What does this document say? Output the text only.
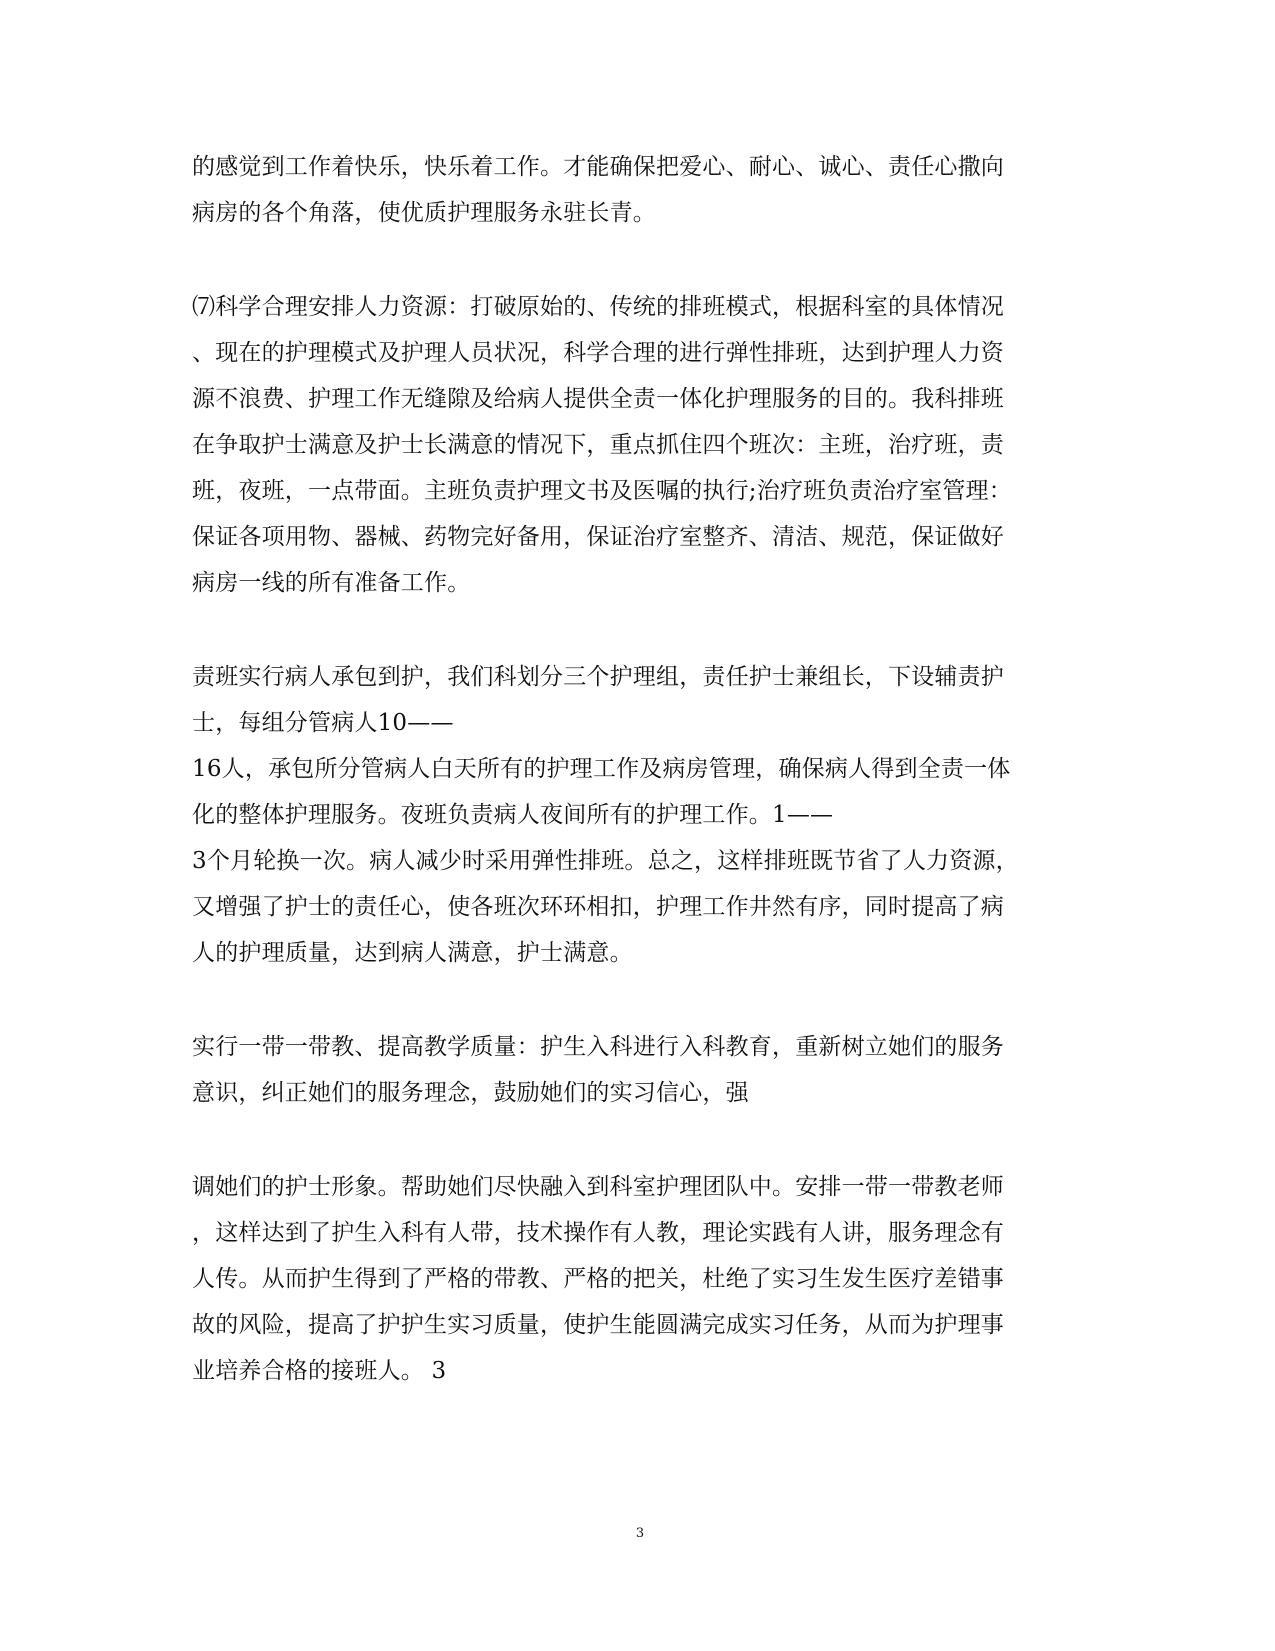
的感觉到工作着快乐，快乐着工作。才能确保把爱心、耐心、诚心、责任心撒向
病房的各个角落，使优质护理服务永驻长青。
⑺科学合理安排人力资源：打破原始的、传统的排班模式，根据科室的具体情况
、现在的护理模式及护理人员状况，科学合理的进行弹性排班，达到护理人力资
源不浪费、护理工作无缝隙及给病人提供全责一体化护理服务的目的。我科排班
在争取护士满意及护士长满意的情况下，重点抓住四个班次：主班，治疗班，责
班，夜班，一点带面。主班负责护理文书及医嘱的执行;治疗班负责治疗室管理：
保证各项用物、器械、药物完好备用，保证治疗室整齐、清洁、规范，保证做好
病房一线的所有准备工作。
责班实行病人承包到护，我们科划分三个护理组，责任护士兼组长，下设辅责护
士，每组分管病人10——
16人，承包所分管病人白天所有的护理工作及病房管理，确保病人得到全责一体
化的整体护理服务。夜班负责病人夜间所有的护理工作。1——
3个月轮换一次。病人减少时采用弹性排班。总之，这样排班既节省了人力资源，
又增强了护士的责任心，使各班次环环相扣，护理工作井然有序，同时提高了病
人的护理质量，达到病人满意，护士满意。
实行一带一带教、提高教学质量：护生入科进行入科教育，重新树立她们的服务
意识，纠正她们的服务理念，鼓励她们的实习信心，强
调她们的护士形象。帮助她们尽快融入到科室护理团队中。安排一带一带教老师
，这样达到了护生入科有人带，技术操作有人教，理论实践有人讲，服务理念有
人传。从而护生得到了严格的带教、严格的把关，杜绝了实习生发生医疗差错事
故的风险，提高了护护生实习质量，使护生能圆满完成实习任务，从而为护理事
业培养合格的接班人。 3
3
